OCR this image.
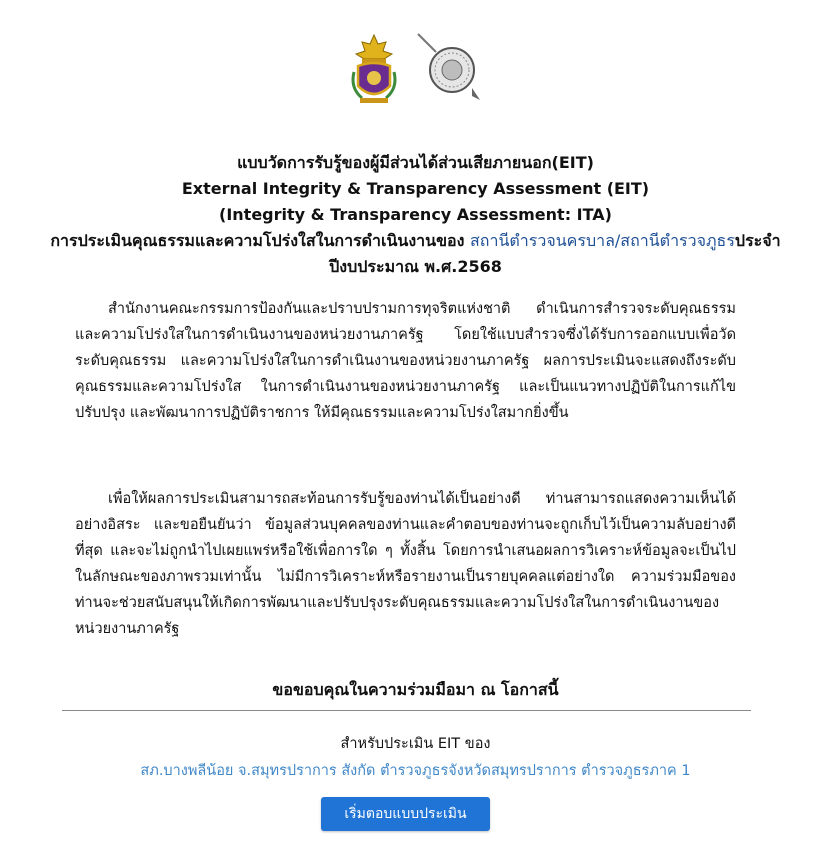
แบบวัดการรับรู้ของผู้มีส่วนได้ส่วนเสียภายนอก(EIT)
External Integrity & Transparency Assessment (EIT)
(Integrity & Transparency Assessment: ITA)
การประเมินคุณธรรมและความโปร่งใสในการดำเนินงานของ สถานีตำรวจนครบาล/สถานีตำรวจภูธรประจำปีงบประมาณ พ.ศ.2568

สำนักงานคณะกรรมการป้องกันและปราบปรามการทุจริตแห่งชาติ ดำเนินการสำรวจระดับคุณธรรม และความโปร่งใสในการดำเนินงานของหน่วยงานภาครัฐ โดยใช้แบบสำรวจซึ่งได้รับการออกแบบเพื่อวัดระดับคุณธรรม และความโปร่งใสในการดำเนินงานของหน่วยงานภาครัฐ ผลการประเมินจะแสดงถึงระดับคุณธรรมและความโปร่งใส ในการดำเนินงานของหน่วยงานภาครัฐ และเป็นแนวทางปฏิบัติในการแก้ไข ปรับปรุง และพัฒนาการปฏิบัติราชการ ให้มีคุณธรรมและความโปร่งใสมากยิ่งขึ้น

เพื่อให้ผลการประเมินสามารถสะท้อนการรับรู้ของท่านได้เป็นอย่างดี ท่านสามารถแสดงความเห็นได้อย่างอิสระ และขอยืนยันว่า ข้อมูลส่วนบุคคลของท่านและคำตอบของท่านจะถูกเก็บไว้เป็นความลับอย่างดีที่สุด และจะไม่ถูกนำไปเผยแพร่หรือใช้เพื่อการใด ๆ ทั้งสิ้น โดยการนำเสนอผลการวิเคราะห์ข้อมูลจะเป็นไปในลักษณะของภาพรวมเท่านั้น ไม่มีการวิเคราะห์หรือรายงานเป็นรายบุคคลแต่อย่างใด ความร่วมมือของท่านจะช่วยสนับสนุนให้เกิดการพัฒนาและปรับปรุงระดับคุณธรรมและความโปร่งใสในการดำเนินงานของหน่วยงานภาครัฐ

ขอขอบคุณในความร่วมมือมา ณ โอกาสนี้
สำหรับประเมิน EIT ของ
สภ.บางพลีน้อย จ.สมุทรปราการ สังกัด ตำรวจภูธรจังหวัดสมุทรปราการ ตำรวจภูธรภาค 1
เริ่มตอบแบบประเมิน
